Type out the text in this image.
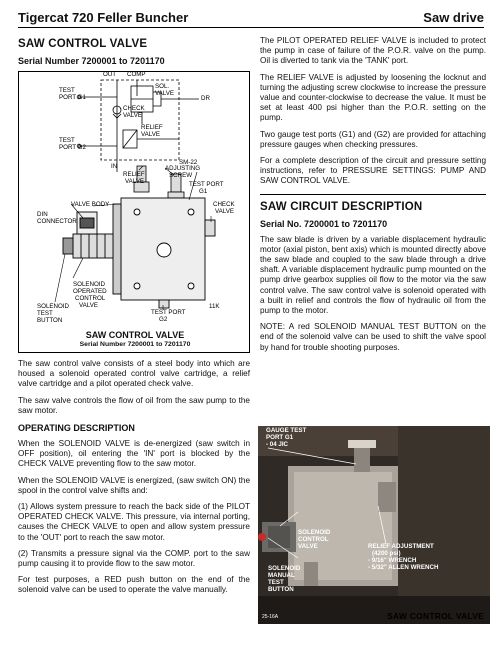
Tigercat 720 Feller Buncher	Saw drive
SAW CONTROL VALVE
Serial Number 7200001 to 7201170
OUT COMP
TEST
PORT G1
SOL.
VALVE
DR
CHECK
VALVE
RELIEF
VALVE
TEST
PORT G2
IN
SM-22
ADJUSTING
SCREW
RELIEF
VALVE	TEST PORT
G1
VALVE BODY
DIN
CONNECTOR
CHECK
VALVE
SOLENOID
OPERATED
CONTROL
VALVE
SOLENOID
TEST
BUTTON
TEST PORT
G2
11K
SAW CONTROL VALVE
Serial Number 7200001 to 7201170

The saw control valve consists of a steel body into which are housed a solenoid operated control valve cartridge, a relief valve cartridge and a pilot operated check valve.

The saw valve controls the flow of oil from the saw pump to the saw motor.

OPERATING DESCRIPTION

When the SOLENOID VALVE is de-energized (saw switch in OFF position), oil entering the 'IN' port is blocked by the CHECK VALVE preventing flow to the saw motor.

When the SOLENOID VALVE is energized, (saw switch ON) the spool in the control valve shifts and:

(1) Allows system pressure to reach the back side of the PILOT OPERATED CHECK VALVE. This pressure, via internal porting, causes the CHECK VALVE to open and allow system pressure to the 'OUT' port to reach the saw motor.

(2) Transmits a pressure signal via the COMP. port to the saw pump causing it to provide flow to the saw motor.

For test purposes, a RED push button on the end of the solenoid valve can be used to operate the valve manually.

The PILOT OPERATED RELIEF VALVE is included to protect the pump in case of failure of the P.O.R. valve on the pump. Oil is diverted to tank via the 'TANK' port.

The RELIEF VALVE is adjusted by loosening the locknut and turning the adjusting screw clockwise to increase the pressure value and counter-clockwise to decrease the value. It must be set at least 400 psi higher than the P.O.R. setting on the pump.

Two gauge test ports (G1) and (G2) are provided for attaching pressure gauges when checking pressures.

For a complete description of the circuit and pressure setting instructions, refer to PRESSURE SETTINGS: PUMP AND SAW CONTROL VALVE.

SAW CIRCUIT DESCRIPTION
Serial No. 7200001 to 7201170

The saw blade is driven by a variable displacement hydraulic motor (axial piston, bent axis) which is mounted directly above the saw blade and coupled to the saw blade through a drive shaft. A variable displacement hydraulic pump mounted on the pump drive gearbox supplies oil flow to the motor via the saw control valve. The saw control valve is solenoid operated with a built in relief and controls the flow of hydraulic oil from the pump to the motor.

NOTE: A red SOLENOID MANUAL TEST BUTTON on the end of the solenoid valve can be used to shift the valve spool by hand for trouble shooting purposes.

GAUGE TEST
PORT G1
- 04 JIC
SOLENOID
CONTROL
VALVE	RELIEF ADJUSTMENT
(4200 psi)
- 9/16" WRENCH
- 5/32" ALLEN WRENCH
SOLENOID
MANUAL
TEST
BUTTON
25-16A	SAW CONTROL VALVE
